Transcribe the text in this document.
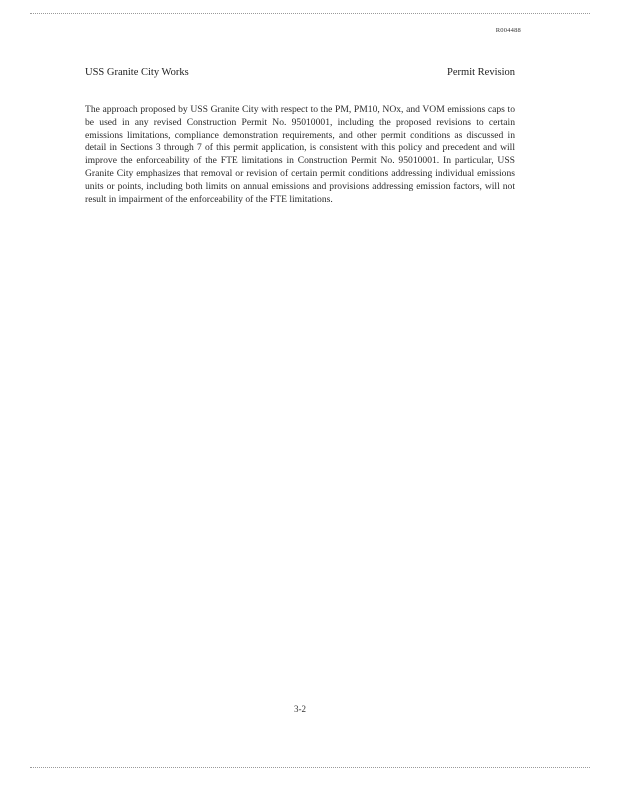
R004488
USS Granite City Works	Permit Revision

The approach proposed by USS Granite City with respect to the PM, PM10, NOx, and VOM emissions caps to be used in any revised Construction Permit No. 95010001, including the proposed revisions to certain emissions limitations, compliance demonstration requirements, and other permit conditions as discussed in detail in Sections 3 through 7 of this permit application, is consistent with this policy and precedent and will improve the enforceability of the FTE limitations in Construction Permit No. 95010001. In particular, USS Granite City emphasizes that removal or revision of certain permit conditions addressing individual emissions units or points, including both limits on annual emissions and provisions addressing emission factors, will not result in impairment of the enforceability of the FTE limitations.

3-2
